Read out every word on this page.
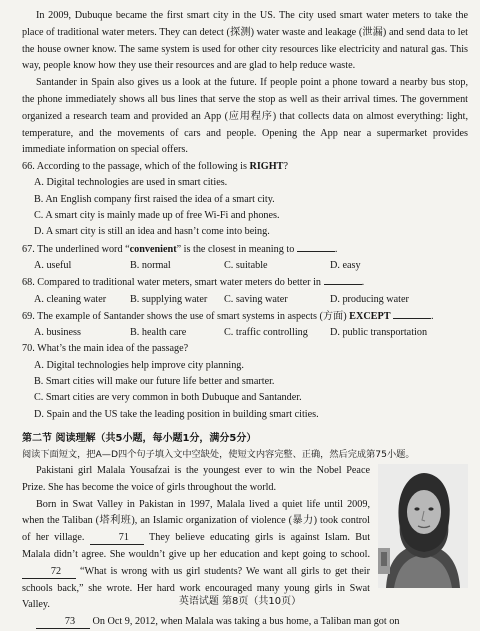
In 2009, Dubuque became the first smart city in the US. The city used smart water meters to take the place of traditional water meters. They can detect (探测) water waste and leakage (泄漏) and send data to let the house owner know. The same system is used for other city resources like electricity and natural gas. This way, people know how they use their resources and are glad to help reduce waste.

Santander in Spain also gives us a look at the future. If people point a phone toward a nearby bus stop, the phone immediately shows all bus lines that serve the stop as well as their arrival times. The government organized a research team and provided an App (应用程序) that collects data on almost everything: light, temperature, and the movements of cars and people. Opening the App near a supermarket provides immediate information on special offers.

66. According to the passage, which of the following is RIGHT?

A. Digital technologies are used in smart cities.

B. An English company first raised the idea of a smart city.

C. A smart city is mainly made up of free Wi-Fi and phones.

D. A smart city is still an idea and hasn’t come into being.

67. The underlined word “convenient” is the closest in meaning to	.

A. useful	B. normal	C. suitable	D. easy

68. Compared to traditional water meters, smart water meters do better in	.

A. cleaning water	B. supplying water	C. saving water	D. producing water

69. The example of Santander shows the use of smart systems in aspects (方面) EXCEPT	.

A. business	B. health care	C. traffic controlling	D. public transportation

70. What’s the main idea of the passage?

A. Digital technologies help improve city planning.

B. Smart cities will make our future life better and smarter.

C. Smart cities are very common in both Dubuque and Santander.

D. Spain and the US take the leading position in building smart cities.

第二节 阅读理解（共5小题，每小题1分，满分5分）

阅读下面短文，把A—D四个句子填入文中空缺处，使短文内容完整、正确，然后完成第75小题。

Pakistani girl Malala Yousafzai is the youngest ever to win the Nobel Peace Prize. She has become the voice of girls throughout the world.

Born in Swat Valley in Pakistan in 1997, Malala lived a quiet life until 2009, when the Taliban (塔利班), an Islamic organization of violence (暴力) took control of her village.	71 They believe educating girls is against Islam. But Malala didn’t agree. She wouldn’t give up her education and kept going to school. 72 “What is wrong with us girl students? We want all girls to get their schools back,” she wrote. Her hard work encouraged many young girls in Swat Valley.

73 On Oct 9, 2012, when Malala was taking a bus home, a Taliban man got on

英语试题 第8页（共10页）
